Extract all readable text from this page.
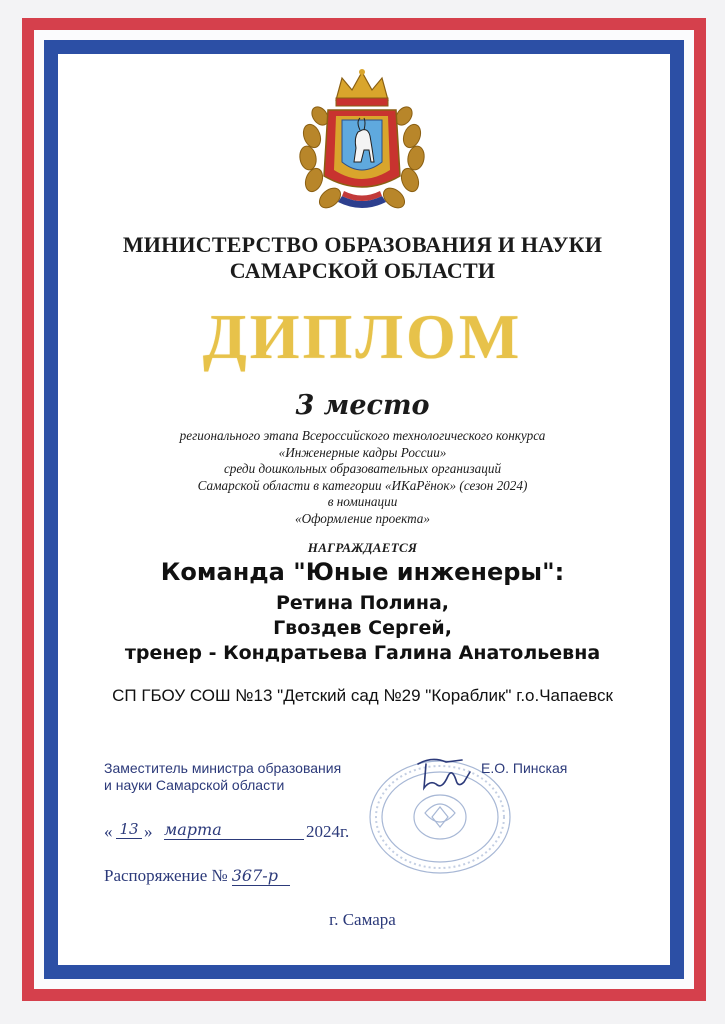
МИНИСТЕРСТВО ОБРАЗОВАНИЯ И НАУКИ
САМАРСКОЙ ОБЛАСТИ
ДИПЛОМ
3 место
регионального этапа Всероссийского технологического конкурса
«Инженерные кадры России»
среди дошкольных образовательных организаций
Самарской области в категории «ИКаРёнок» (сезон 2024)
в номинации
«Оформление проекта»
НАГРАЖДАЕТСЯ
Команда "Юные инженеры":
Ретина Полина,
Гвоздев Сергей,
тренер - Кондратьева Галина Анатольевна
СП ГБОУ СОШ №13 "Детский сад №29 "Кораблик" г.о.Чапаевск
Заместитель министра образования
и науки Самарской области
Е.О. Пинская
« 13 » марта	2024г.
Распоряжение № 367-р
г. Самара
